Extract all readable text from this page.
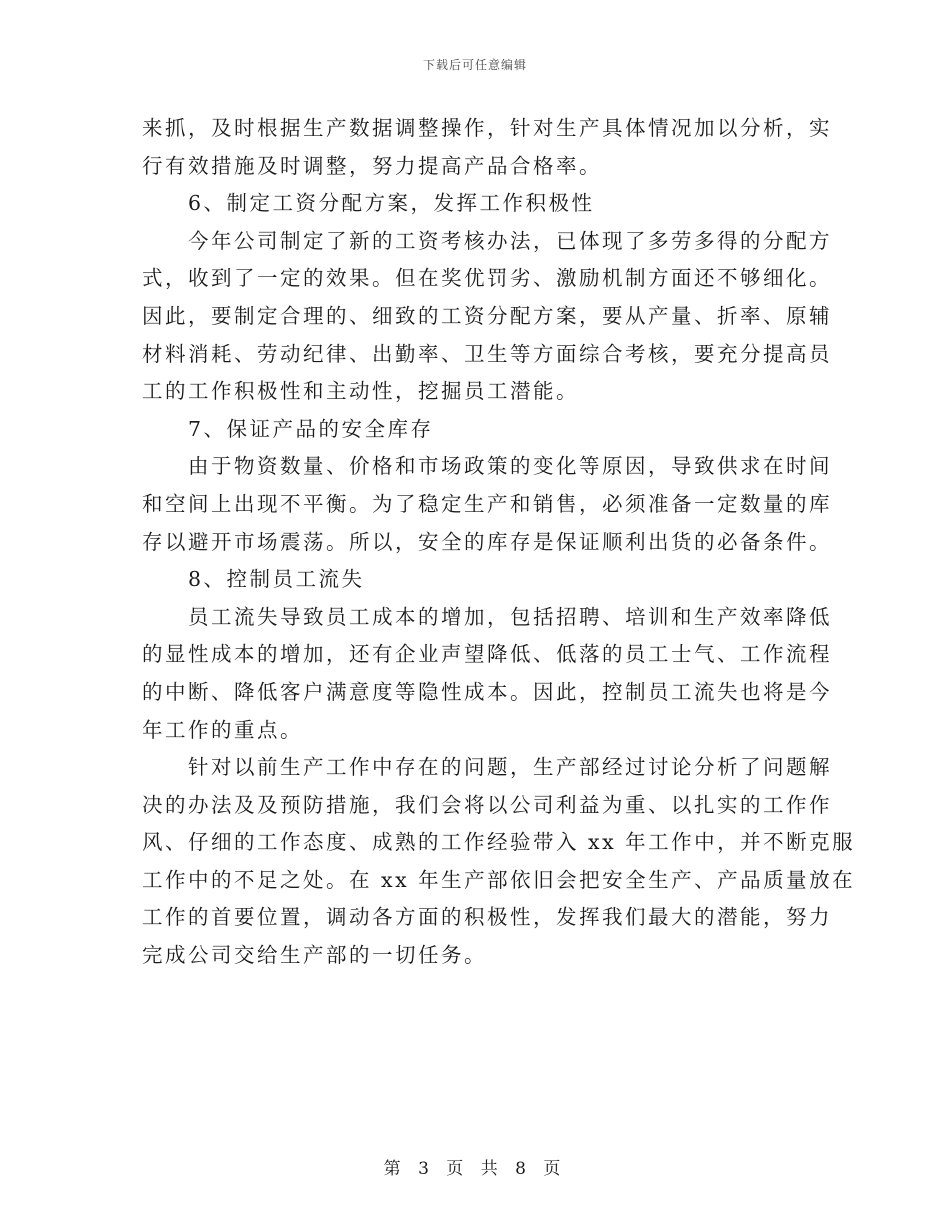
下载后可任意编辑
来抓，及时根据生产数据调整操作，针对生产具体情况加以分析，实
行有效措施及时调整，努力提高产品合格率。
6、制定工资分配方案，发挥工作积极性
今年公司制定了新的工资考核办法，已体现了多劳多得的分配方
式，收到了一定的效果。但在奖优罚劣、激励机制方面还不够细化。
因此，要制定合理的、细致的工资分配方案，要从产量、折率、原辅
材料消耗、劳动纪律、出勤率、卫生等方面综合考核，要充分提高员
工的工作积极性和主动性，挖掘员工潜能。
7、保证产品的安全库存
由于物资数量、价格和市场政策的变化等原因，导致供求在时间
和空间上出现不平衡。为了稳定生产和销售，必须准备一定数量的库
存以避开市场震荡。所以，安全的库存是保证顺利出货的必备条件。
8、控制员工流失
员工流失导致员工成本的增加，包括招聘、培训和生产效率降低
的显性成本的增加，还有企业声望降低、低落的员工士气、工作流程
的中断、降低客户满意度等隐性成本。因此，控制员工流失也将是今
年工作的重点。
针对以前生产工作中存在的问题，生产部经过讨论分析了问题解
决的办法及及预防措施，我们会将以公司利益为重、以扎实的工作作
风、仔细的工作态度、成熟的工作经验带入 xx 年工作中，并不断克服
工作中的不足之处。在 xx 年生产部依旧会把安全生产、产品质量放在
工作的首要位置，调动各方面的积极性，发挥我们最大的潜能，努力
完成公司交给生产部的一切任务。
第 3 页 共 8 页
